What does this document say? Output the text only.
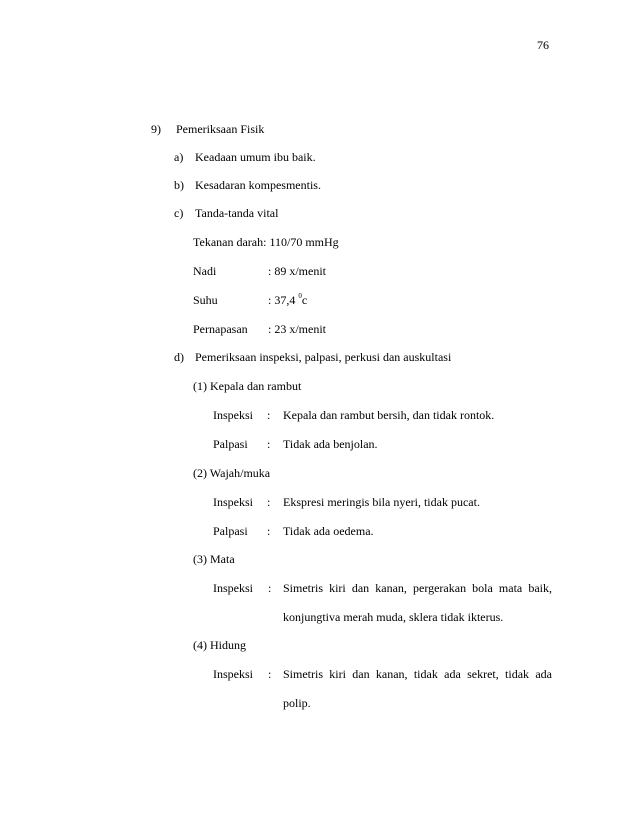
76
9) Pemeriksaan Fisik
a) Keadaan umum ibu baik.
b) Kesadaran kompesmentis.
c) Tanda-tanda vital
Tekanan darah: 110/70 mmHg
Nadi	: 89 x/menit
Suhu	: 37,4 $^0$c
Pernapasan : 23 x/menit
d) Pemeriksaan inspeksi, palpasi, perkusi dan auskultasi
(1) Kepala dan rambut
Inspeksi : Kepala dan rambut bersih, dan tidak rontok.
Palpasi : Tidak ada benjolan.
(2) Wajah/muka
Inspeksi : Ekspresi meringis bila nyeri, tidak pucat.
Palpasi : Tidak ada oedema.
(3) Mata
Inspeksi : Simetris kiri dan kanan, pergerakan bola mata baik,
konjungtiva merah muda, sklera tidak ikterus.
(4) Hidung
Inspeksi : Simetris kiri dan kanan, tidak ada sekret, tidak ada
polip.
